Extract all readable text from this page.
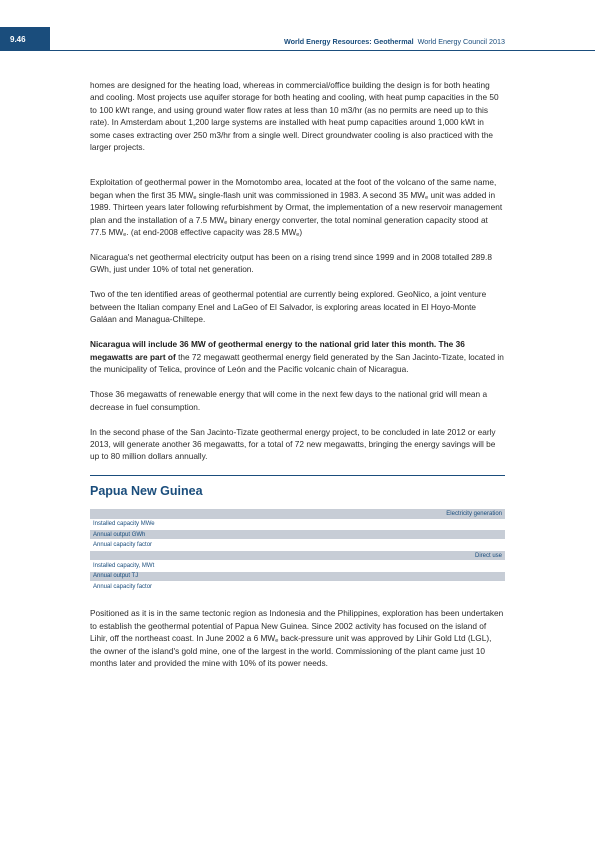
9.46	World Energy Resources: Geothermal World Energy Council 2013

homes are designed for the heating load, whereas in commercial/office building the design is for both heating and cooling. Most projects use aquifer storage for both heating and cooling, with heat pump capacities in the 50 to 100 kWt range, and using ground water flow rates at less than 10 m3/hr (as no permits are need up to this rate). In Amsterdam about 1,200 large systems are installed with heat pump capacities around 1,000 kWt in some cases extracting over 250 m3/hr from a single well. Direct groundwater cooling is also practiced with the larger projects.

Exploitation of geothermal power in the Momotombo area, located at the foot of the volcano of the same name, began when the first 35 $MW_e$ single-flash unit was commissioned in 1983. A second 35 $MW_e$ unit was added in 1989. Thirteen years later following refurbishment by Ormat, the implementation of a new reservoir management plan and the installation of a 7.5 $MW_e$ binary energy converter, the total nominal generation capacity stood at 77.5 $MW_e$. (at end-2008 effective capacity was 28.5 $MW_e$)

Nicaragua's net geothermal electricity output has been on a rising trend since 1999 and in 2008 totalled 289.8 GWh, just under 10% of total net generation.

Two of the ten identified areas of geothermal potential are currently being explored. GeoNico, a joint venture between the Italian company Enel and LaGeo of El Salvador, is exploring areas located in El Hoyo-Monte Galáan and Managua-Chiltepe.

Nicaragua will include 36 MW of geothermal energy to the national grid later this month. The 36 megawatts are part of the 72 megawatt geothermal energy field generated by the San Jacinto-Tizate, located in the municipality of Telica, province of León and the Pacific volcanic chain of Nicaragua.

Those 36 megawatts of renewable energy that will come in the next few days to the national grid will mean a decrease in fuel consumption.

In the second phase of the San Jacinto-Tizate geothermal energy project, to be concluded in late 2012 or early 2013, will generate another 36 megawatts, for a total of 72 new megawatts, bringing the energy savings will be up to 80 million dollars annually.

Papua New Guinea
Electricity generation
Installed capacity MWe
Annual output GWh
Annual capacity factor
Direct use
Installed capacity, MWt
Annual output TJ
Annual capacity factor

Positioned as it is in the same tectonic region as Indonesia and the Philippines, exploration has been undertaken to establish the geothermal potential of Papua New Guinea. Since 2002 activity has focused on the island of Lihir, off the northeast coast. In June 2002 a 6 $MW_e$ back-pressure unit was approved by Lihir Gold Ltd (LGL), the owner of the island's gold mine, one of the largest in the world. Commissioning of the plant came just 10 months later and provided the mine with 10% of its power needs.
